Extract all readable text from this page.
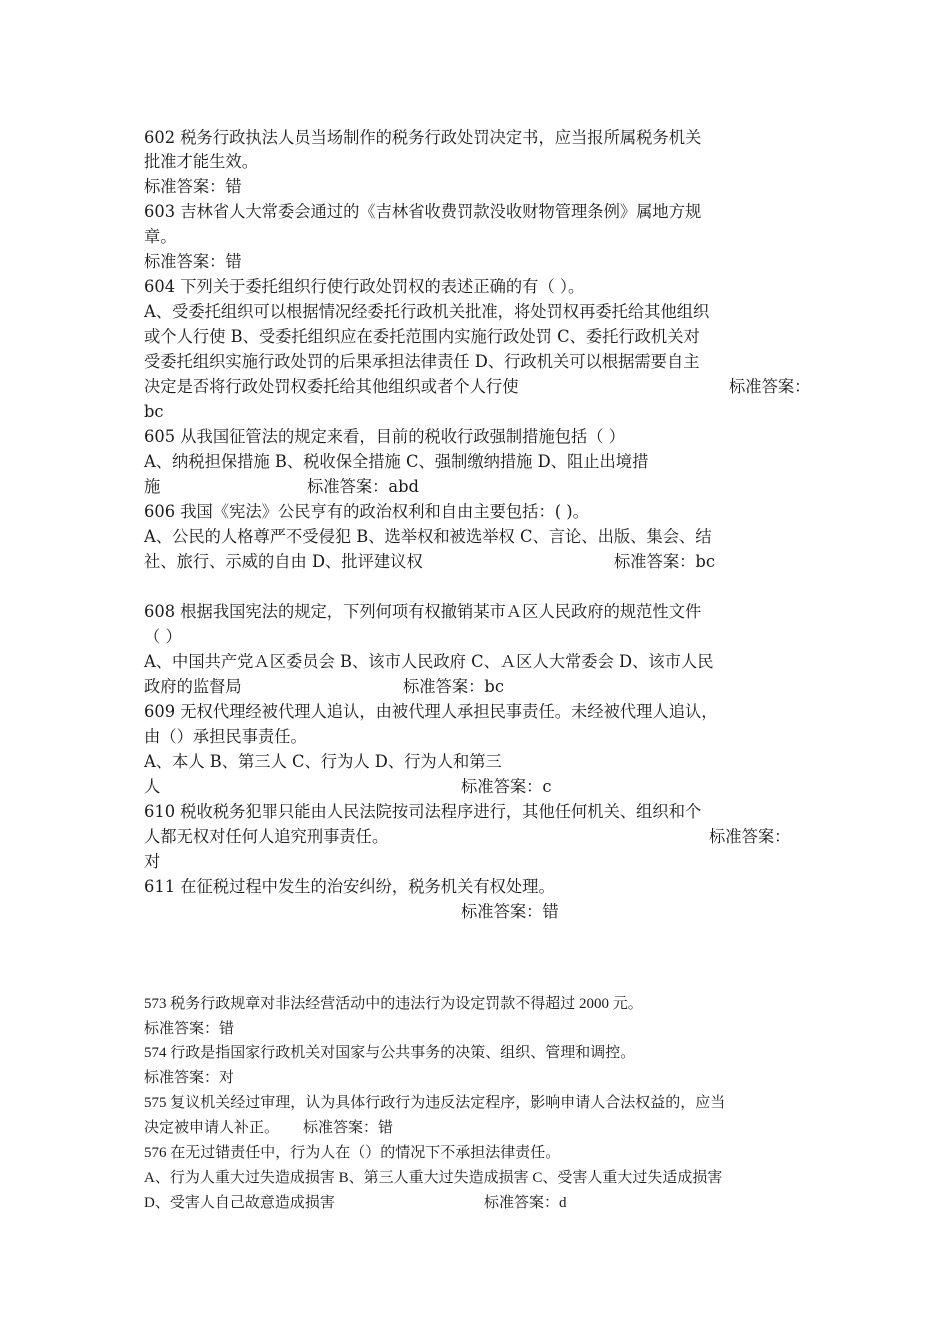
602 税务行政执法人员当场制作的税务行政处罚决定书，应当报所属税务机关
批准才能生效。
标准答案：错
603 吉林省人大常委会通过的《吉林省收费罚款没收财物管理条例》属地方规
章。
标准答案：错
604 下列关于委托组织行使行政处罚权的表述正确的有（ ）。
A、受委托组织可以根据情况经委托行政机关批准，将处罚权再委托给其他组织
或个人行使 B、受委托组织应在委托范围内实施行政处罚 C、委托行政机关对
受委托组织实施行政处罚的后果承担法律责任 D、行政机关可以根据需要自主
决定是否将行政处罚权委托给其他组织或者个人行使	标准答案：
bc
605 从我国征管法的规定来看，目前的税收行政强制措施包括（ ）
A、纳税担保措施 B、税收保全措施 C、强制缴纳措施 D、阻止出境措
施	标准答案：abd
606 我国《宪法》公民亨有的政治权利和自由主要包括：( )。
A、公民的人格尊严不受侵犯 B、选举权和被选举权 C、言论、出版、集会、结
社、旅行、示威的自由 D、批评建议权	标准答案：bc
608 根据我国宪法的规定，下列何项有权撤销某市Ａ区人民政府的规范性文件
（ ）
A、中国共产党Ａ区委员会 B、该市人民政府 C、Ａ区人大常委会 D、该市人民
政府的监督局	标准答案：bc
609 无权代理经被代理人追认，由被代理人承担民事责任。未经被代理人追认，
由（）承担民事责任。
A、本人 B、第三人 C、行为人 D、行为人和第三
人	标准答案：c
610 税收税务犯罪只能由人民法院按司法程序进行，其他任何机关、组织和个
人都无权对任何人追究刑事责任。	标准答案：
对
611 在征税过程中发生的治安纠纷，税务机关有权处理。
标准答案：错
573 税务行政规章对非法经营活动中的违法行为设定罚款不得超过 2000 元。
标准答案：错
574 行政是指国家行政机关对国家与公共事务的决策、组织、管理和调控。
标准答案：对
575 复议机关经过审理，认为具体行政行为违反法定程序，影响申请人合法权益的，应当
决定被申请人补正。 标准答案：错
576 在无过错责任中，行为人在（）的情况下不承担法律责任。
A、行为人重大过失造成损害 B、第三人重大过失造成损害 C、受害人重大过失适成损害
D、受害人自己故意造成损害	标准答案：d
